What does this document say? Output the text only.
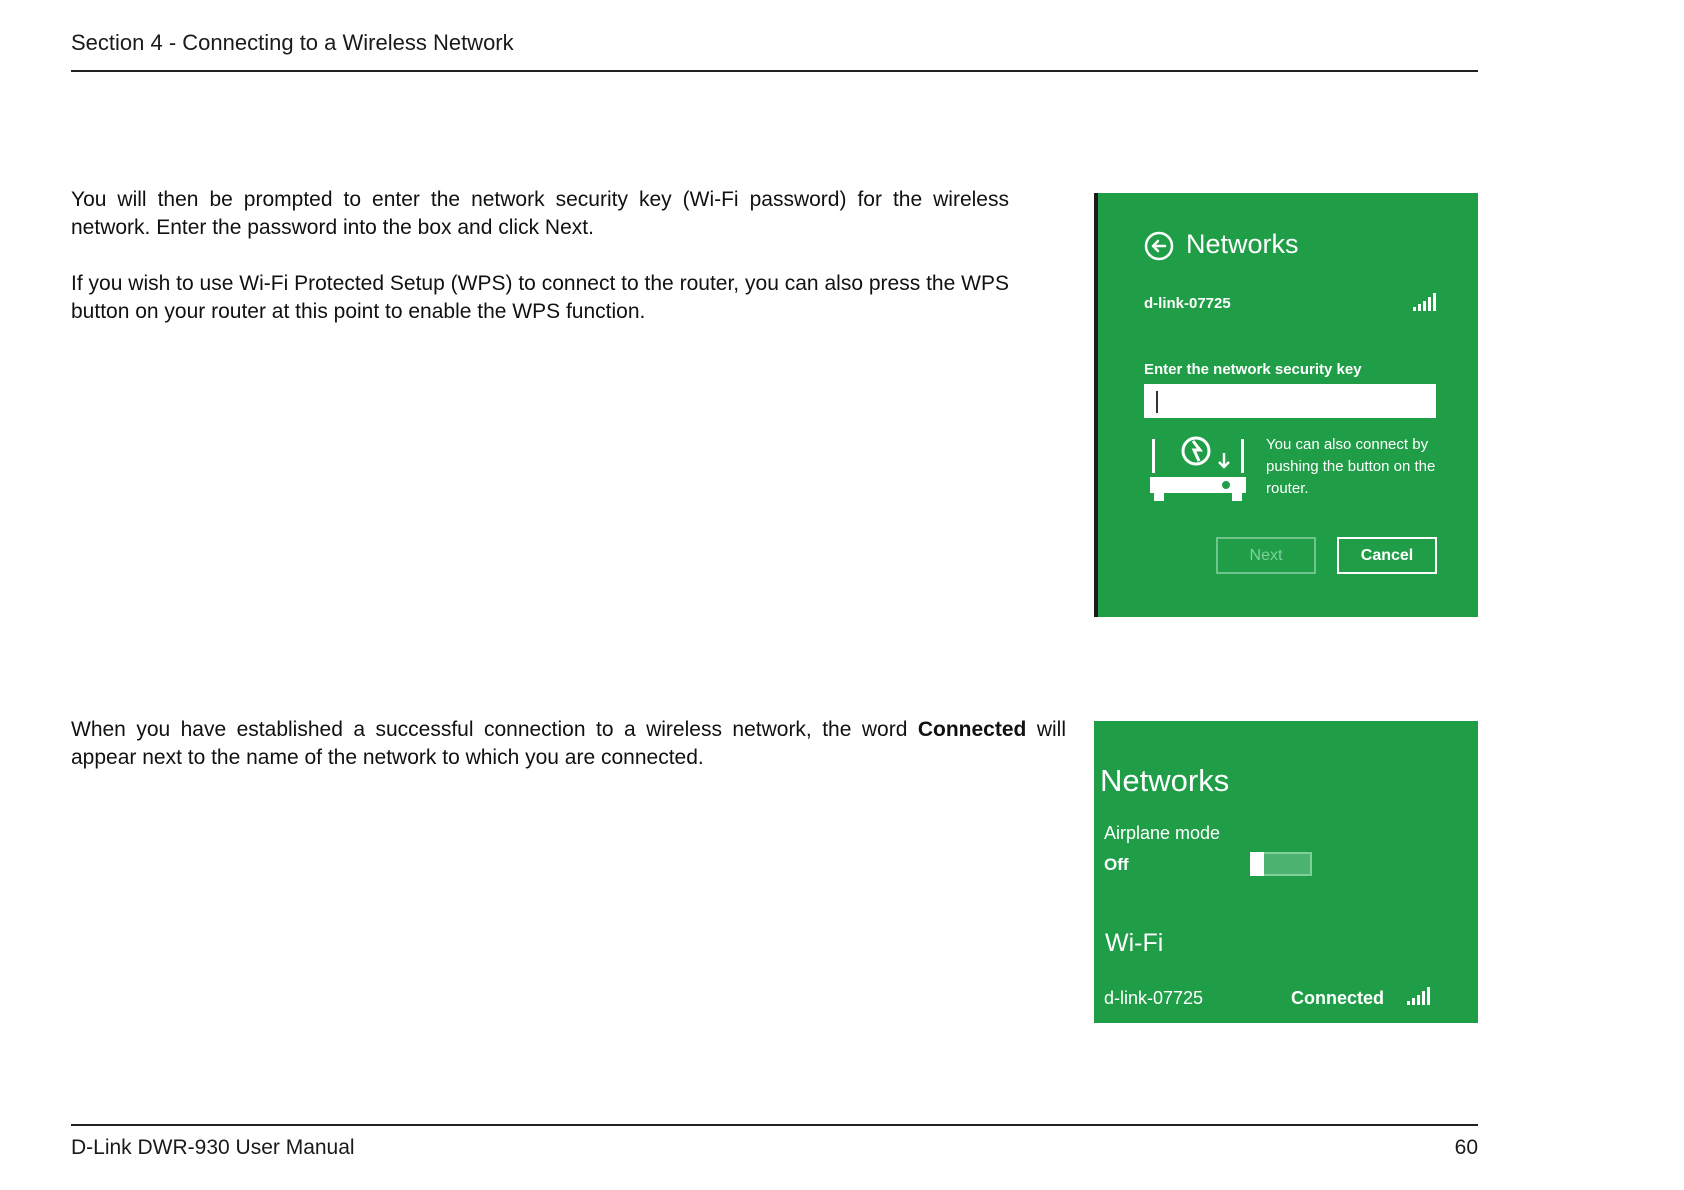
Section 4 - Connecting to a Wireless Network

You will then be prompted to enter the network security key (Wi-Fi password) for the wireless network. Enter the password into the box and click Next.

If you wish to use Wi-Fi Protected Setup (WPS) to connect to the router, you can also press the WPS button on your router at this point to enable the WPS function.

When you have established a successful connection to a wireless network, the word Connected will appear next to the name of the network to which you are connected.

Networks
d-link-07725
Enter the network security key
You can also connect by pushing the button on the router.
Next	Cancel
Networks
Airplane mode
Off
Wi-Fi
d-link-07725	Connected
D-Link DWR-930 User Manual	60
